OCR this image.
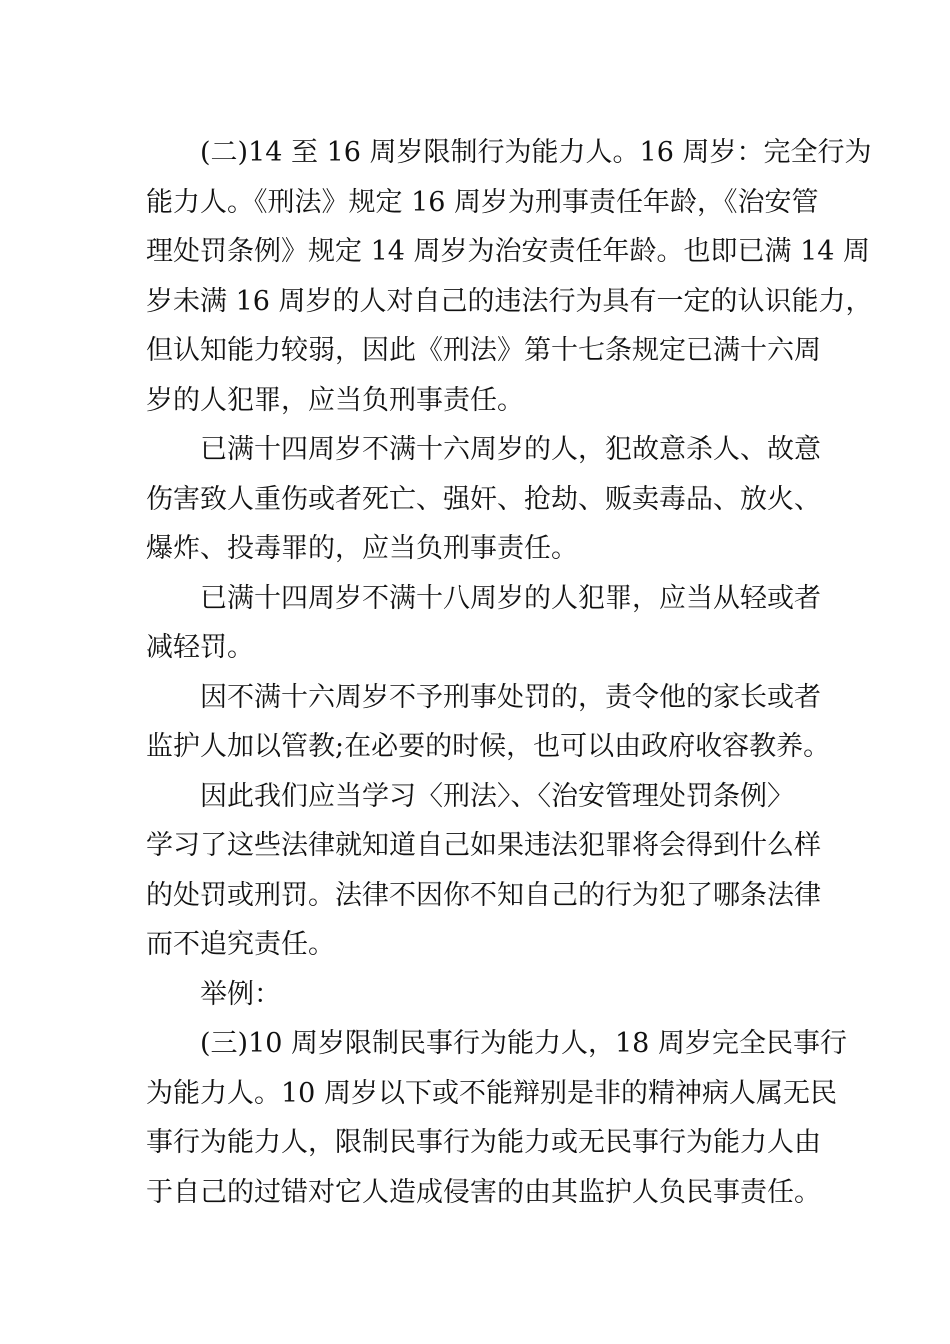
(二)14 至 16 周岁限制行为能力人。16 周岁：完全行为
能力人。《刑法》规定 16 周岁为刑事责任年龄，《治安管
理处罚条例》规定 14 周岁为治安责任年龄。也即已满 14 周
岁未满 16 周岁的人对自己的违法行为具有一定的认识能力，
但认知能力较弱，因此《刑法》第十七条规定已满十六周
岁的人犯罪，应当负刑事责任。

已满十四周岁不满十六周岁的人，犯故意杀人、故意
伤害致人重伤或者死亡、强奸、抢劫、贩卖毒品、放火、
爆炸、投毒罪的，应当负刑事责任。

已满十四周岁不满十八周岁的人犯罪，应当从轻或者
减轻罚。

因不满十六周岁不予刑事处罚的，责令他的家长或者
监护人加以管教;在必要的时候，也可以由政府收容教养。

因此我们应当学习〈刑法〉、〈治安管理处罚条例〉
学习了这些法律就知道自己如果违法犯罪将会得到什么样
的处罚或刑罚。法律不因你不知自己的行为犯了哪条法律
而不追究责任。

举例：

(三)10 周岁限制民事行为能力人，18 周岁完全民事行
为能力人。10 周岁以下或不能辩别是非的精神病人属无民
事行为能力人，限制民事行为能力或无民事行为能力人由
于自己的过错对它人造成侵害的由其监护人负民事责任。
